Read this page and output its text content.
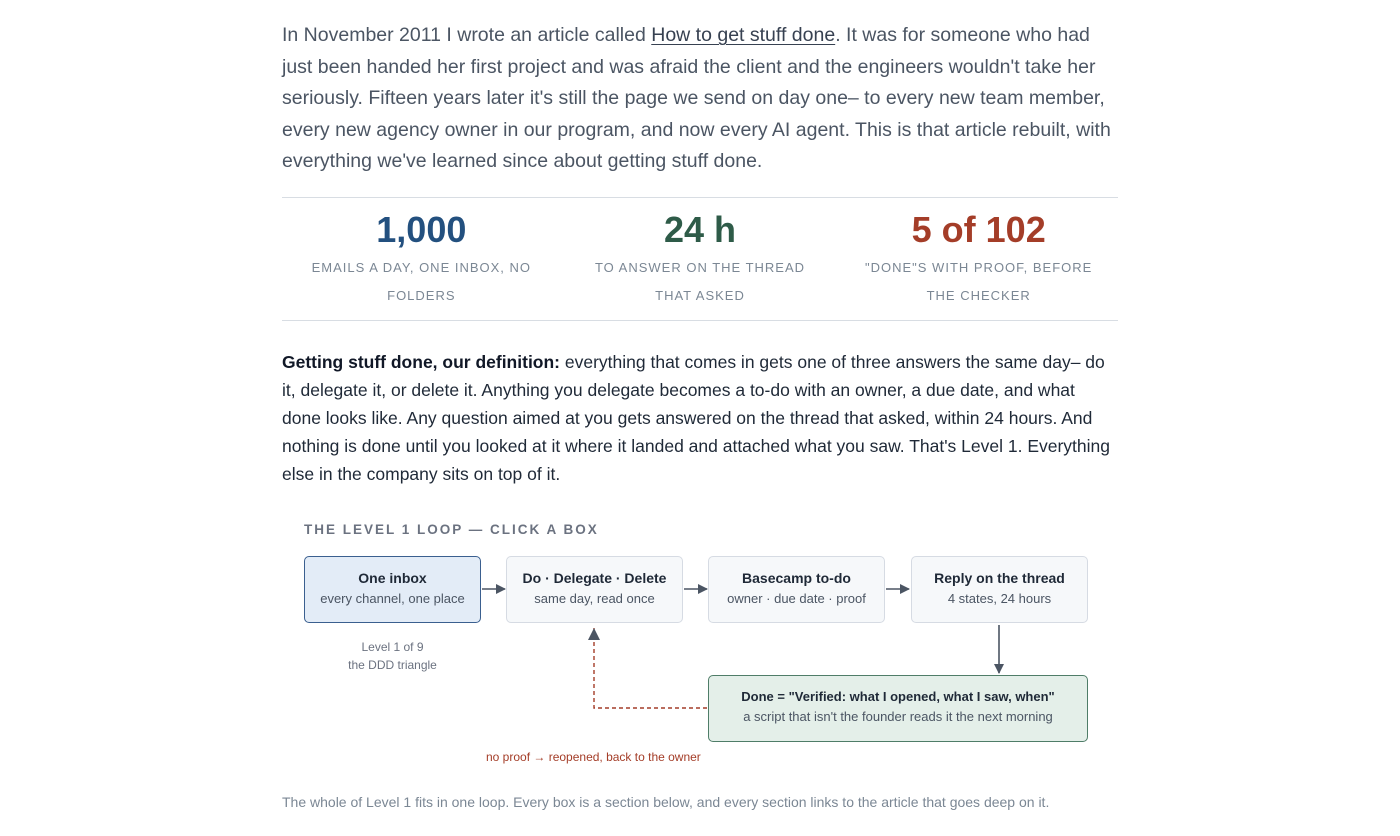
In November 2011 I wrote an article called How to get stuff done. It was for someone who had just been handed her first project and was afraid the client and the engineers wouldn't take her seriously. Fifteen years later it's still the page we send on day one– to every new team member, every new agency owner in our program, and now every AI agent. This is that article rebuilt, with everything we've learned since about getting stuff done.

1,000
EMAILS A DAY, ONE INBOX, NO FOLDERS
24 h
TO ANSWER ON THE THREAD THAT ASKED
5 of 102
"DONE"S WITH PROOF, BEFORE THE CHECKER

Getting stuff done, our definition: everything that comes in gets one of three answers the same day– do it, delegate it, or delete it. Anything you delegate becomes a to-do with an owner, a due date, and what done looks like. Any question aimed at you gets answered on the thread that asked, within 24 hours. And nothing is done until you looked at it where it landed and attached what you saw. That's Level 1. Everything else in the company sits on top of it.

THE LEVEL 1 LOOP — CLICK A BOX
One inbox
every channel, one place
Do · Delegate · Delete
same day, read once
Basecamp to-do
owner · due date · proof
Reply on the thread
4 states, 24 hours
Level 1 of 9
the DDD triangle
Done = "Verified: what I opened, what I saw, when"
a script that isn't the founder reads it the next morning
no proof → reopened, back to the owner
The whole of Level 1 fits in one loop. Every box is a section below, and every section links to the article that goes deep on it.
